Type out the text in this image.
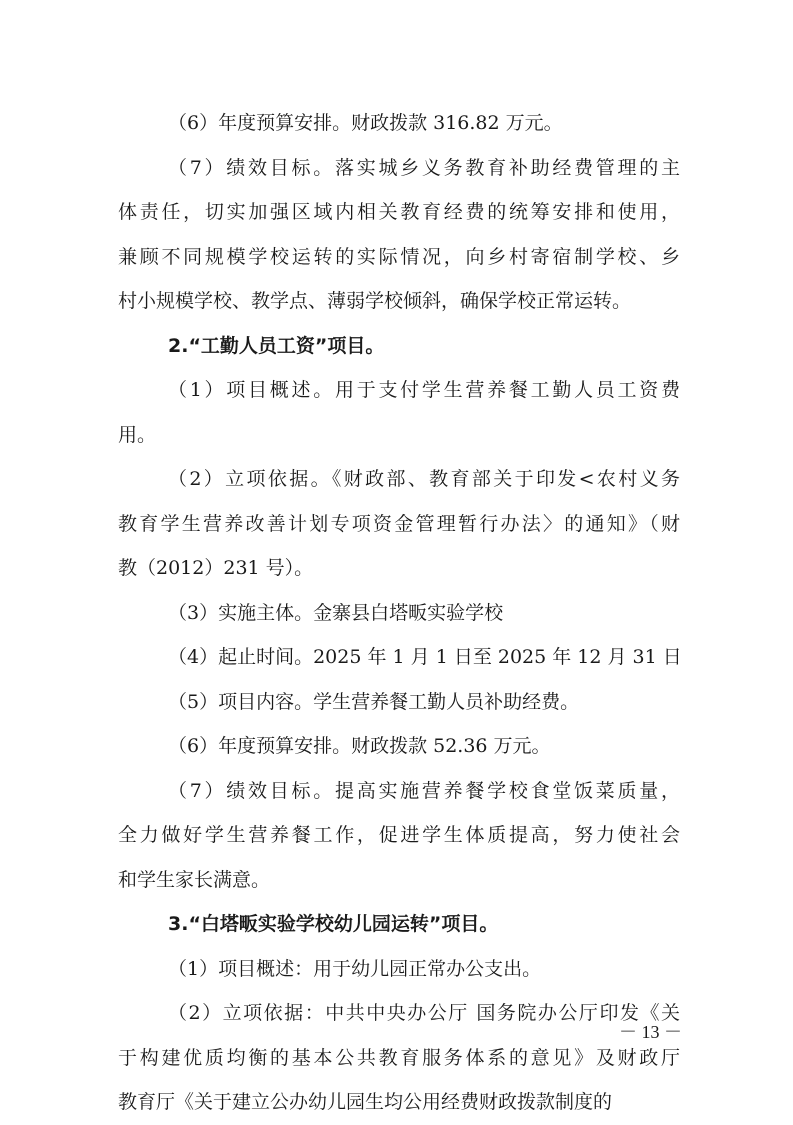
（6）年度预算安排。财政拨款 316.82 万元。
（7）绩效目标。落实城乡义务教育补助经费管理的主
体责任，切实加强区域内相关教育经费的统筹安排和使用，
兼顾不同规模学校运转的实际情况，向乡村寄宿制学校、乡
村小规模学校、教学点、薄弱学校倾斜，确保学校正常运转。
2.“工勤人员工资”项目。
（1）项目概述。用于支付学生营养餐工勤人员工资费
用。
（2）立项依据。《财政部、教育部关于印发<农村义务
教育学生营养改善计划专项资金管理暂行办法〉的通知》（财
教（2012）231 号）。
（3）实施主体。金寨县白塔畈实验学校
（4）起止时间。2025 年 1 月 1 日至 2025 年 12 月 31 日
（5）项目内容。学生营养餐工勤人员补助经费。
（6）年度预算安排。财政拨款 52.36 万元。
（7）绩效目标。提高实施营养餐学校食堂饭菜质量，
全力做好学生营养餐工作，促进学生体质提高，努力使社会
和学生家长满意。
3.“白塔畈实验学校幼儿园运转”项目。
（1）项目概述：用于幼儿园正常办公支出。
（2）立项依据：中共中央办公厅 国务院办公厅印发《关
于构建优质均衡的基本公共教育服务体系的意见》及财政厅
教育厅《关于建立公办幼儿园生均公用经费财政拨款制度的
－ 13 －
